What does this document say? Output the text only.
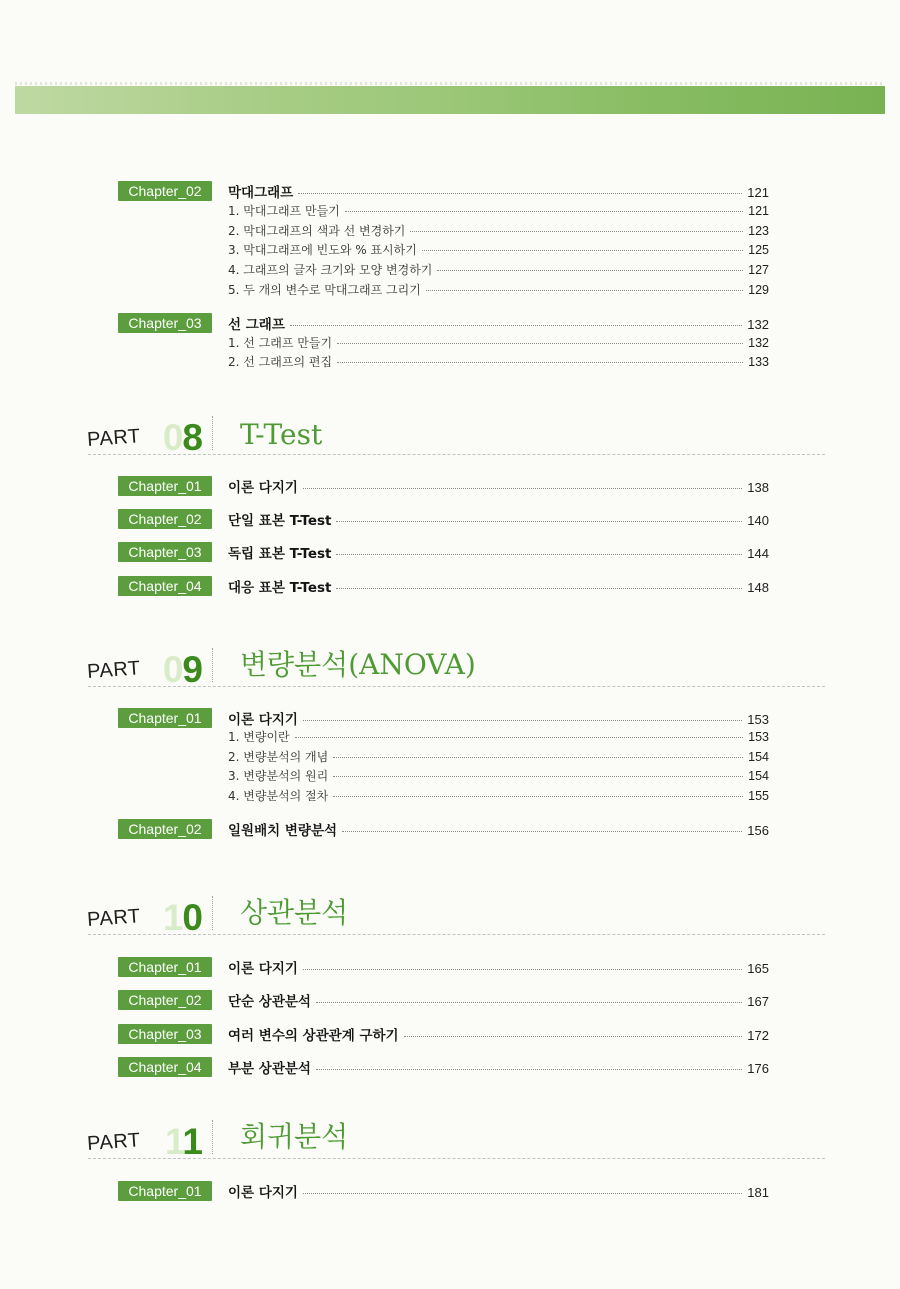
Chapter_02	막대그래프	121
1. 막대그래프 만들기	121
2. 막대그래프의 색과 선 변경하기	123
3. 막대그래프에 빈도와 % 표시하기	125
4. 그래프의 글자 크기와 모양 변경하기	127
5. 두 개의 변수로 막대그래프 그리기	129
Chapter_03	선 그래프	132
1. 선 그래프 만들기	132
2. 선 그래프의 편집	133
PART 08 T-Test
Chapter_01	이론 다지기	138
Chapter_02	단일 표본 T-Test	140
Chapter_03	독립 표본 T-Test	144
Chapter_04	대응 표본 T-Test	148
PART 09 변량분석(ANOVA)
Chapter_01	이론 다지기	153
1. 변량이란	153
2. 변량분석의 개념	154
3. 변량분석의 원리	154
4. 변량분석의 절차	155
Chapter_02	일원배치 변량분석	156
PART 10 상관분석
Chapter_01	이론 다지기	165
Chapter_02	단순 상관분석	167
Chapter_03	여러 변수의 상관관계 구하기	172
Chapter_04	부분 상관분석	176
PART 11 회귀분석
Chapter_01	이론 다지기	181
